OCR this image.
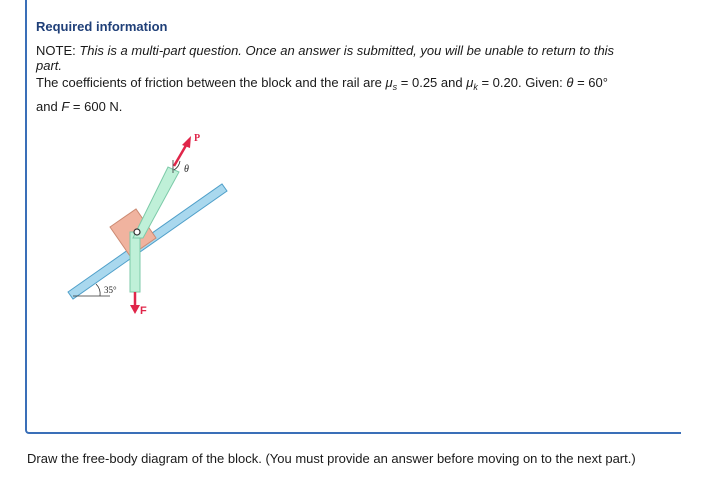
Required information
NOTE: This is a multi-part question. Once an answer is submitted, you will be unable to return to this part.
The coefficients of friction between the block and the rail are $\mu_s = 0.25$ and $\mu_k = 0.20$. Given: θ = 60°
and F = 600 N.
P
θ
F
35°
Draw the free-body diagram of the block. (You must provide an answer before moving on to the next part.)
